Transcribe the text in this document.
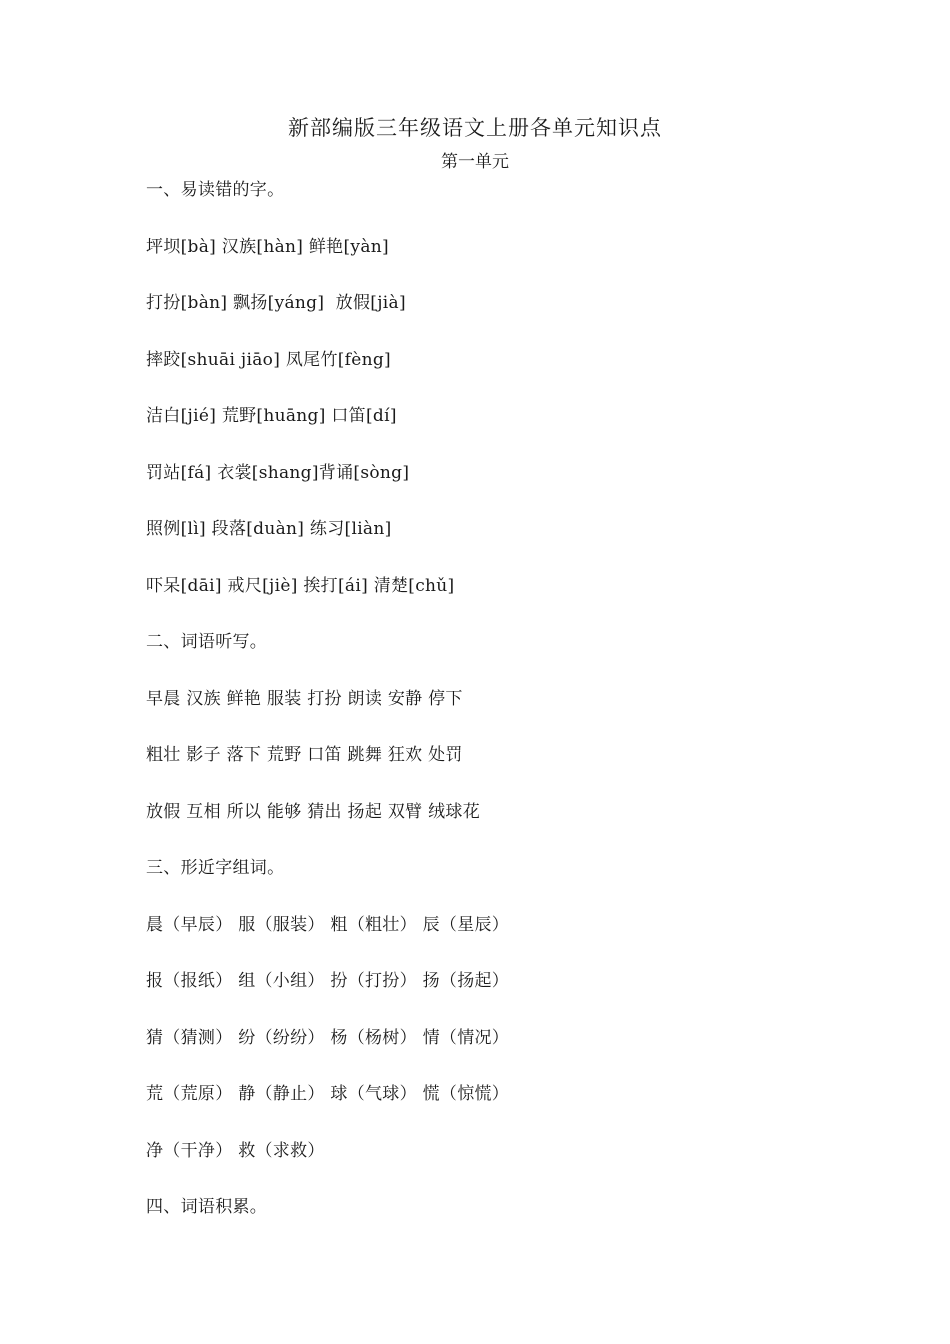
新部编版三年级语文上册各单元知识点
第一单元
一、易读错的字。
坪坝[bà] 汉族[hàn] 鲜艳[yàn]
打扮[bàn] 飘扬[yáng]  放假[jià]
摔跤[shuāi jiāo] 凤尾竹[fèng]
洁白[jié] 荒野[huāng] 口笛[dí]
罚站[fá] 衣裳[shang]背诵[sòng]
照例[lì] 段落[duàn] 练习[liàn]
吓呆[dāi] 戒尺[jiè] 挨打[ái] 清楚[chǔ]
二、词语听写。
早晨 汉族 鲜艳 服装 打扮 朗读 安静 停下
粗壮 影子 落下 荒野 口笛 跳舞 狂欢 处罚
放假 互相 所以 能够 猜出 扬起 双臂 绒球花
三、形近字组词。
晨（早辰） 服（服装） 粗（粗壮） 辰（星辰）
报（报纸） 组（小组） 扮（打扮） 扬（扬起）
猜（猜测） 纷（纷纷） 杨（杨树） 情（情况）
荒（荒原） 静（静止） 球（气球） 慌（惊慌）
净（干净） 救（求救）
四、词语积累。
